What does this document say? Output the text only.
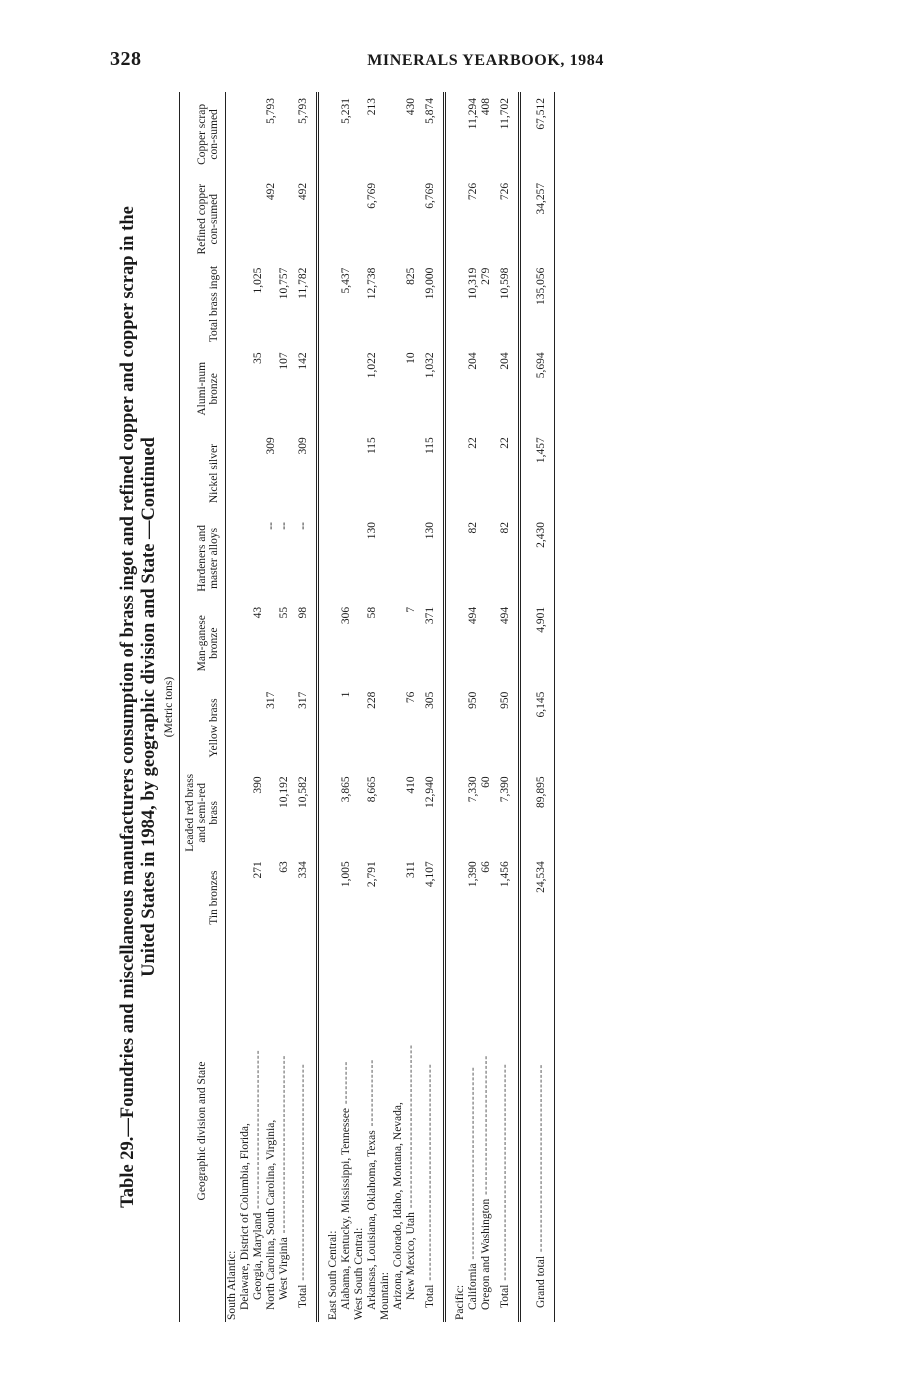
328	MINERALS YEARBOOK, 1984
Table 29.—Foundries and miscellaneous manufacturers consumption of brass ingot and refined copper and copper scrap in the United States in 1984, by geographic division and State —Continued (Metric tons)
Geographic division and State	Tin bronzes	Leaded red brass and semi-red brass	Yellow brass	Man-ganese bronze	Hardeners and master alloys	Nickel silver	Alumi-num bronze	Total brass ingot	Refined copper con-sumed	Copper scrap con-sumed
South Atlantic:										
Delaware, District of Columbia, Florida,										
Georgia, Maryland ---------------------------------	271	390		43			35	1,025		
North Carolina, South Carolina, Virginia,			317		--	309			492	5,793
West Virginia -------------------------------------	63	10,192		55	--		107	10,757		
Total ---------------------------------------------	334	10,582	317	98	--	309	142	11,782	492	5,793

East South Central:										
Alabama, Kentucky, Mississippi, Tennessee ---------	1,005	3,865	1	306				5,437		5,231
West South Central:										
Arkansas, Louisiana, Oklahoma, Texas --------------	2,791	8,665	228	58	130	115	1,022	12,738	6,769	213
Mountain:										
Arizona, Colorado, Idaho, Montana, Nevada,										
New Mexico, Utah ----------------------------------	311	410	76	7			10	825		430
Total ---------------------------------------------	4,107	12,940	305	371	130	115	1,032	19,000	6,769	5,874

Pacific:										
California ----------------------------------------	1,390	7,330	950	494	82	22	204	10,319	726	11,294
Oregon and Washington -----------------------------	66	60						279		408
Total ---------------------------------------------	1,456	7,390	950	494	82	22	204	10,598	726	11,702

Grand total ---------------------------------------	24,534	89,895	6,145	4,901	2,430	1,457	5,694	135,056	34,257	67,512
